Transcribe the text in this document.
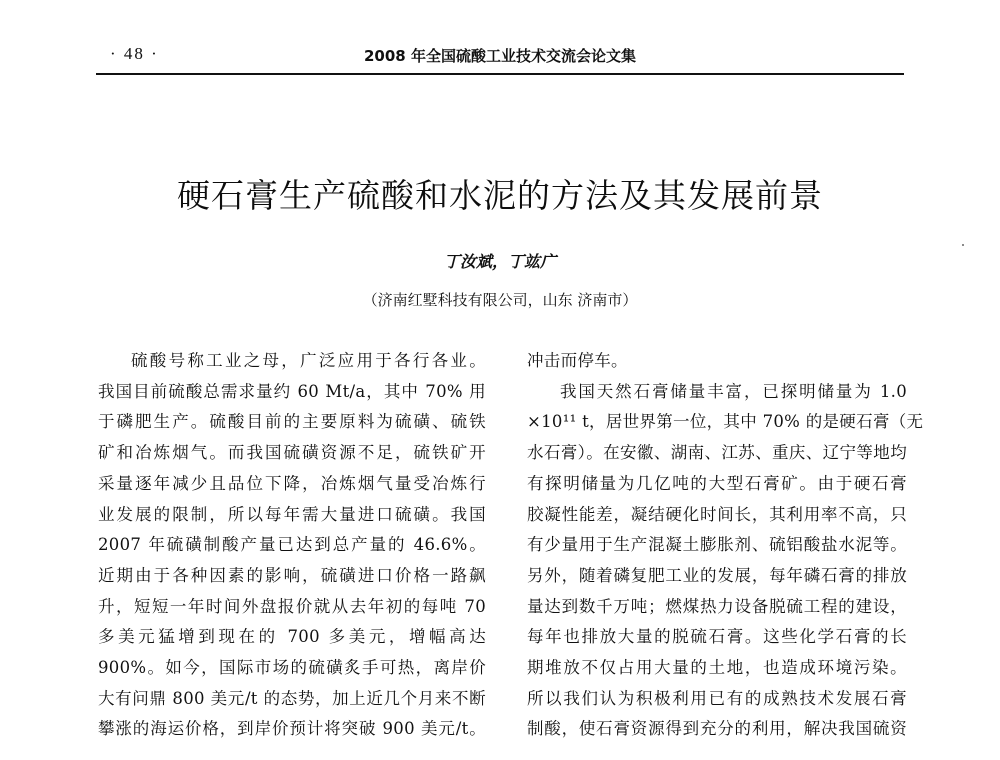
· 48 ·	2008 年全国硫酸工业技术交流会论文集
硬石膏生产硫酸和水泥的方法及其发展前景
丁汝斌，丁竑广
（济南红墅科技有限公司，山东 济南市）

硫酸号称工业之母，广泛应用于各行各业。

我国目前硫酸总需求量约 60 Mt/a，其中 70% 用

于磷肥生产。硫酸目前的主要原料为硫磺、硫铁

矿和冶炼烟气。而我国硫磺资源不足，硫铁矿开

采量逐年减少且品位下降，冶炼烟气量受冶炼行

业发展的限制，所以每年需大量进口硫磺。我国

2007 年硫磺制酸产量已达到总产量的 46.6%。

近期由于各种因素的影响，硫磺进口价格一路飙

升，短短一年时间外盘报价就从去年初的每吨 70

多美元猛增到现在的 700 多美元，增幅高达

900%。如今，国际市场的硫磺炙手可热，离岸价

大有问鼎 800 美元/t 的态势，加上近几个月来不断

攀涨的海运价格，到岸价预计将突破 900 美元/t。

冲击而停车。

我国天然石膏储量丰富，已探明储量为 1.0

×10¹¹ t，居世界第一位，其中 70% 的是硬石膏（无

水石膏）。在安徽、湖南、江苏、重庆、辽宁等地均

有探明储量为几亿吨的大型石膏矿。由于硬石膏

胶凝性能差，凝结硬化时间长，其利用率不高，只

有少量用于生产混凝土膨胀剂、硫铝酸盐水泥等。

另外，随着磷复肥工业的发展，每年磷石膏的排放

量达到数千万吨；燃煤热力设备脱硫工程的建设，

每年也排放大量的脱硫石膏。这些化学石膏的长

期堆放不仅占用大量的土地，也造成环境污染。

所以我们认为积极利用已有的成熟技术发展石膏

制酸，使石膏资源得到充分的利用，解决我国硫资
